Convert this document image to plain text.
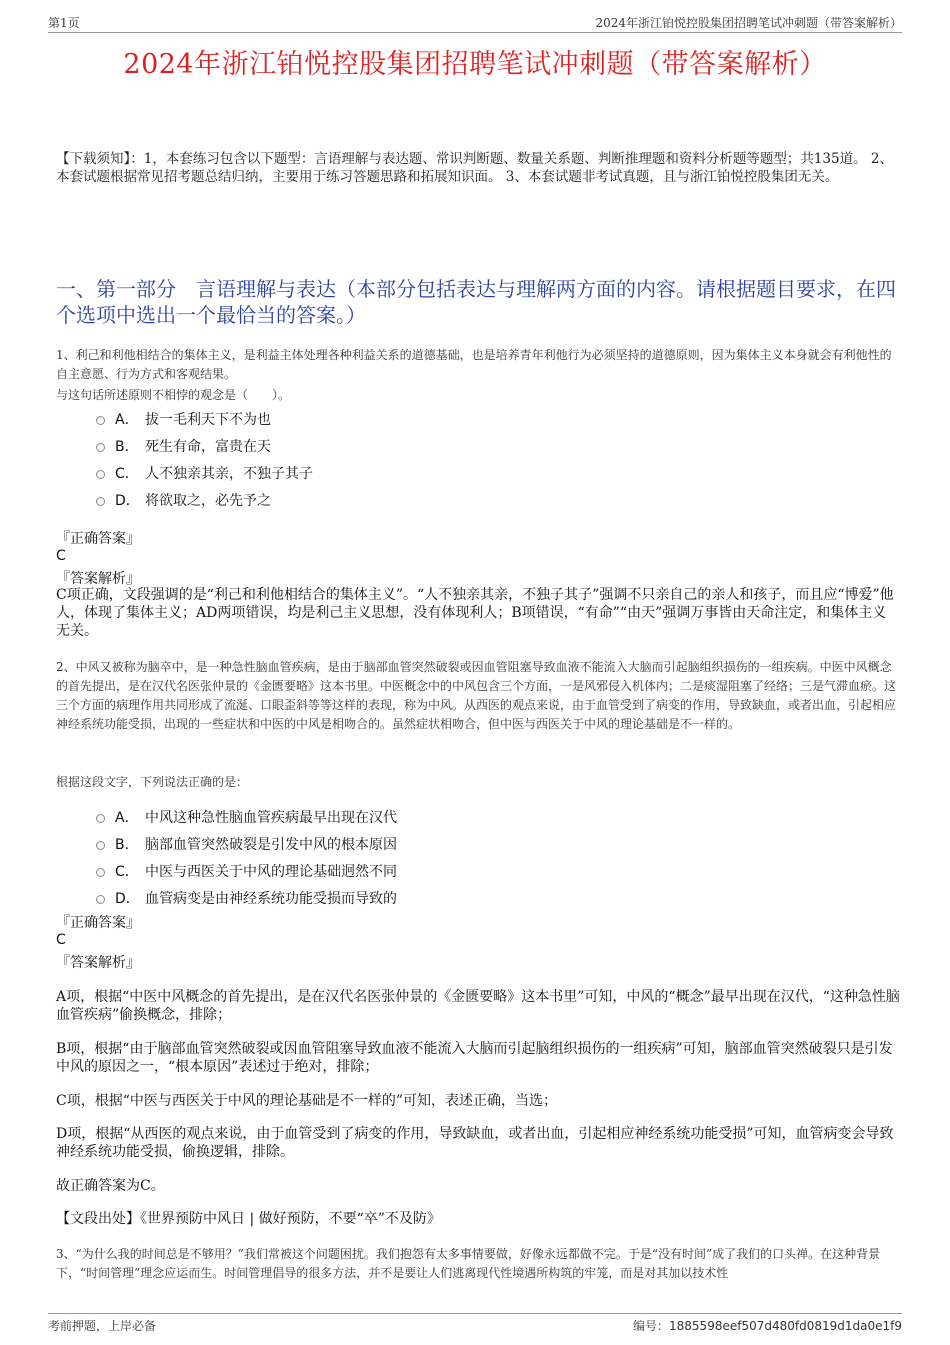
第1页	2024年浙江铂悦控股集团招聘笔试冲刺题（带答案解析）
2024年浙江铂悦控股集团招聘笔试冲刺题（带答案解析）
【下载须知】：1，本套练习包含以下题型：言语理解与表达题、常识判断题、数量关系题、判断推理题和资料分析题等题型；共135道。 2、本套试题根据常见招考题总结归纳，主要用于练习答题思路和拓展知识面。 3、本套试题非考试真题，且与浙江铂悦控股集团无关。
一、第一部分　言语理解与表达（本部分包括表达与理解两方面的内容。请根据题目要求，在四个选项中选出一个最恰当的答案。）
1、利己和利他相结合的集体主义，是利益主体处理各种利益关系的道德基础，也是培养青年利他行为必须坚持的道德原则，因为集体主义本身就会有利他性的自主意愿、行为方式和客观结果。
与这句话所述原则不相悖的观念是（　　）。
A． 拔一毛利天下不为也
B． 死生有命，富贵在天
C． 人不独亲其亲，不独子其子
D． 将欲取之，必先予之
『正确答案』
C
『答案解析』
C项正确，文段强调的是“利己和利他相结合的集体主义”。“人不独亲其亲，不独子其子”强调不只亲自己的亲人和孩子，而且应“博爱”他人，体现了集体主义；AD两项错误，均是利己主义思想，没有体现利人；B项错误，“有命”“由天”强调万事皆由天命注定，和集体主义无关。
2、中风又被称为脑卒中，是一种急性脑血管疾病，是由于脑部血管突然破裂或因血管阻塞导致血液不能流入大脑而引起脑组织损伤的一组疾病。中医中风概念的首先提出，是在汉代名医张仲景的《金匮要略》这本书里。中医概念中的中风包含三个方面，一是风邪侵入机体内；二是痰湿阻塞了经络；三是气滞血瘀。这三个方面的病理作用共同形成了流涎、口眼歪斜等等这样的表现，称为中风。从西医的观点来说，由于血管受到了病变的作用，导致缺血，或者出血，引起相应神经系统功能受损，出现的一些症状和中医的中风是相吻合的。虽然症状相吻合，但中医与西医关于中风的理论基础是不一样的。
根据这段文字，下列说法正确的是：
A． 中风这种急性脑血管疾病最早出现在汉代
B． 脑部血管突然破裂是引发中风的根本原因
C． 中医与西医关于中风的理论基础迥然不同
D． 血管病变是由神经系统功能受损而导致的
『正确答案』
C
『答案解析』
A项，根据“中医中风概念的首先提出，是在汉代名医张仲景的《金匮要略》这本书里”可知，中风的“概念”最早出现在汉代，“这种急性脑血管疾病”偷换概念，排除；
B项，根据“由于脑部血管突然破裂或因血管阻塞导致血液不能流入大脑而引起脑组织损伤的一组疾病”可知，脑部血管突然破裂只是引发中风的原因之一，“根本原因”表述过于绝对，排除；
C项，根据“中医与西医关于中风的理论基础是不一样的”可知，表述正确，当选；
D项，根据“从西医的观点来说，由于血管受到了病变的作用，导致缺血，或者出血，引起相应神经系统功能受损”可知，血管病变会导致神经系统功能受损，偷换逻辑，排除。
故正确答案为C。
【文段出处】《世界预防中风日 | 做好预防，不要“卒”不及防》
3、“为什么我的时间总是不够用？”我们常被这个问题困扰。我们抱怨有太多事情要做，好像永远都做不完。于是“没有时间”成了我们的口头禅。在这种背景下，“时间管理”理念应运而生。时间管理倡导的很多方法，并不是要让人们逃离现代性境遇所构筑的牢笼，而是对其加以技术性
考前押题，上岸必备	编号：1885598eef507d480fd0819d1da0e1f9
